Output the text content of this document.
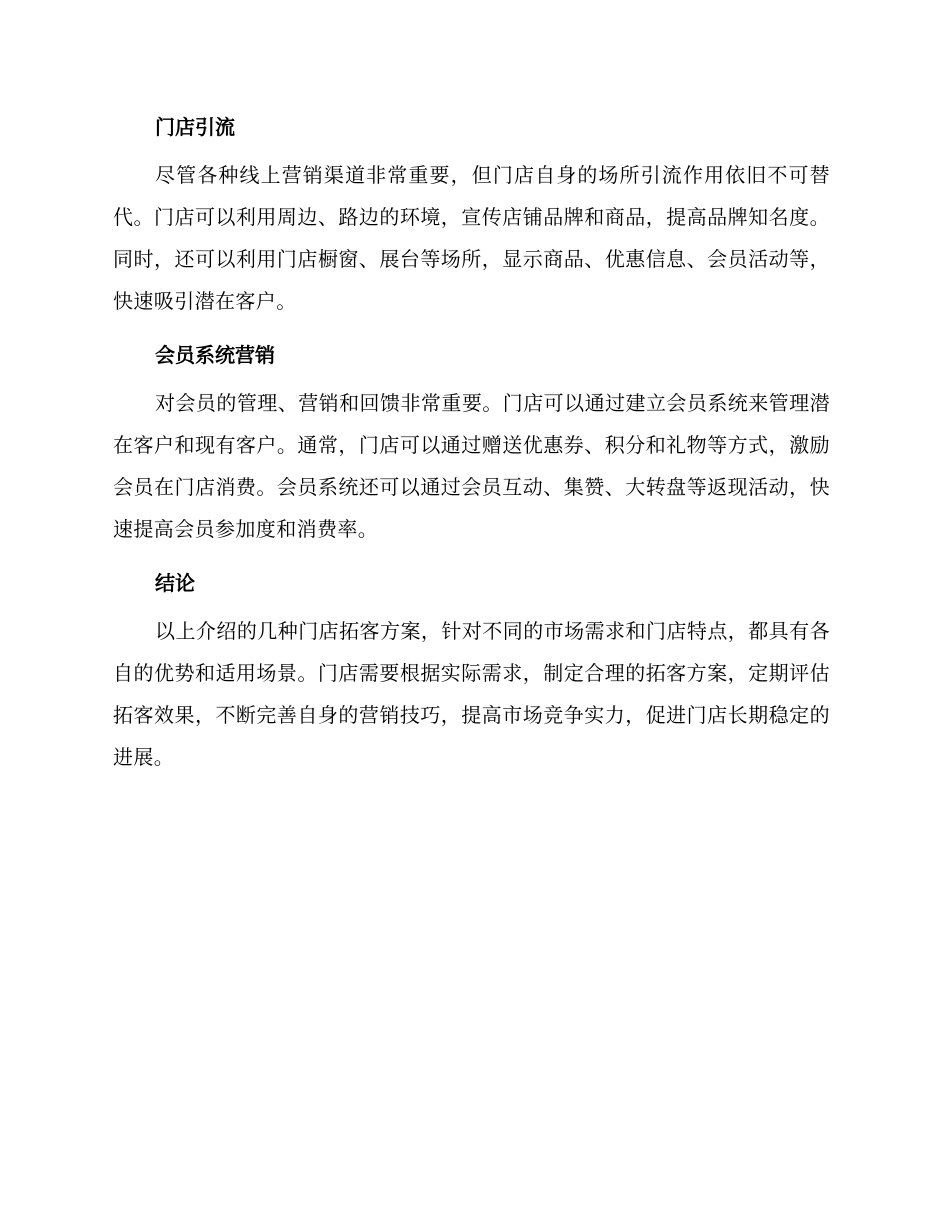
门店引流

尽管各种线上营销渠道非常重要，但门店自身的场所引流作用依旧不可替代。门店可以利用周边、路边的环境，宣传店铺品牌和商品，提高品牌知名度。同时，还可以利用门店橱窗、展台等场所，显示商品、优惠信息、会员活动等，快速吸引潜在客户。

会员系统营销

对会员的管理、营销和回馈非常重要。门店可以通过建立会员系统来管理潜在客户和现有客户。通常，门店可以通过赠送优惠券、积分和礼物等方式，激励会员在门店消费。会员系统还可以通过会员互动、集赞、大转盘等返现活动，快速提高会员参加度和消费率。

结论

以上介绍的几种门店拓客方案，针对不同的市场需求和门店特点，都具有各自的优势和适用场景。门店需要根据实际需求，制定合理的拓客方案，定期评估拓客效果，不断完善自身的营销技巧，提高市场竞争实力，促进门店长期稳定的进展。
